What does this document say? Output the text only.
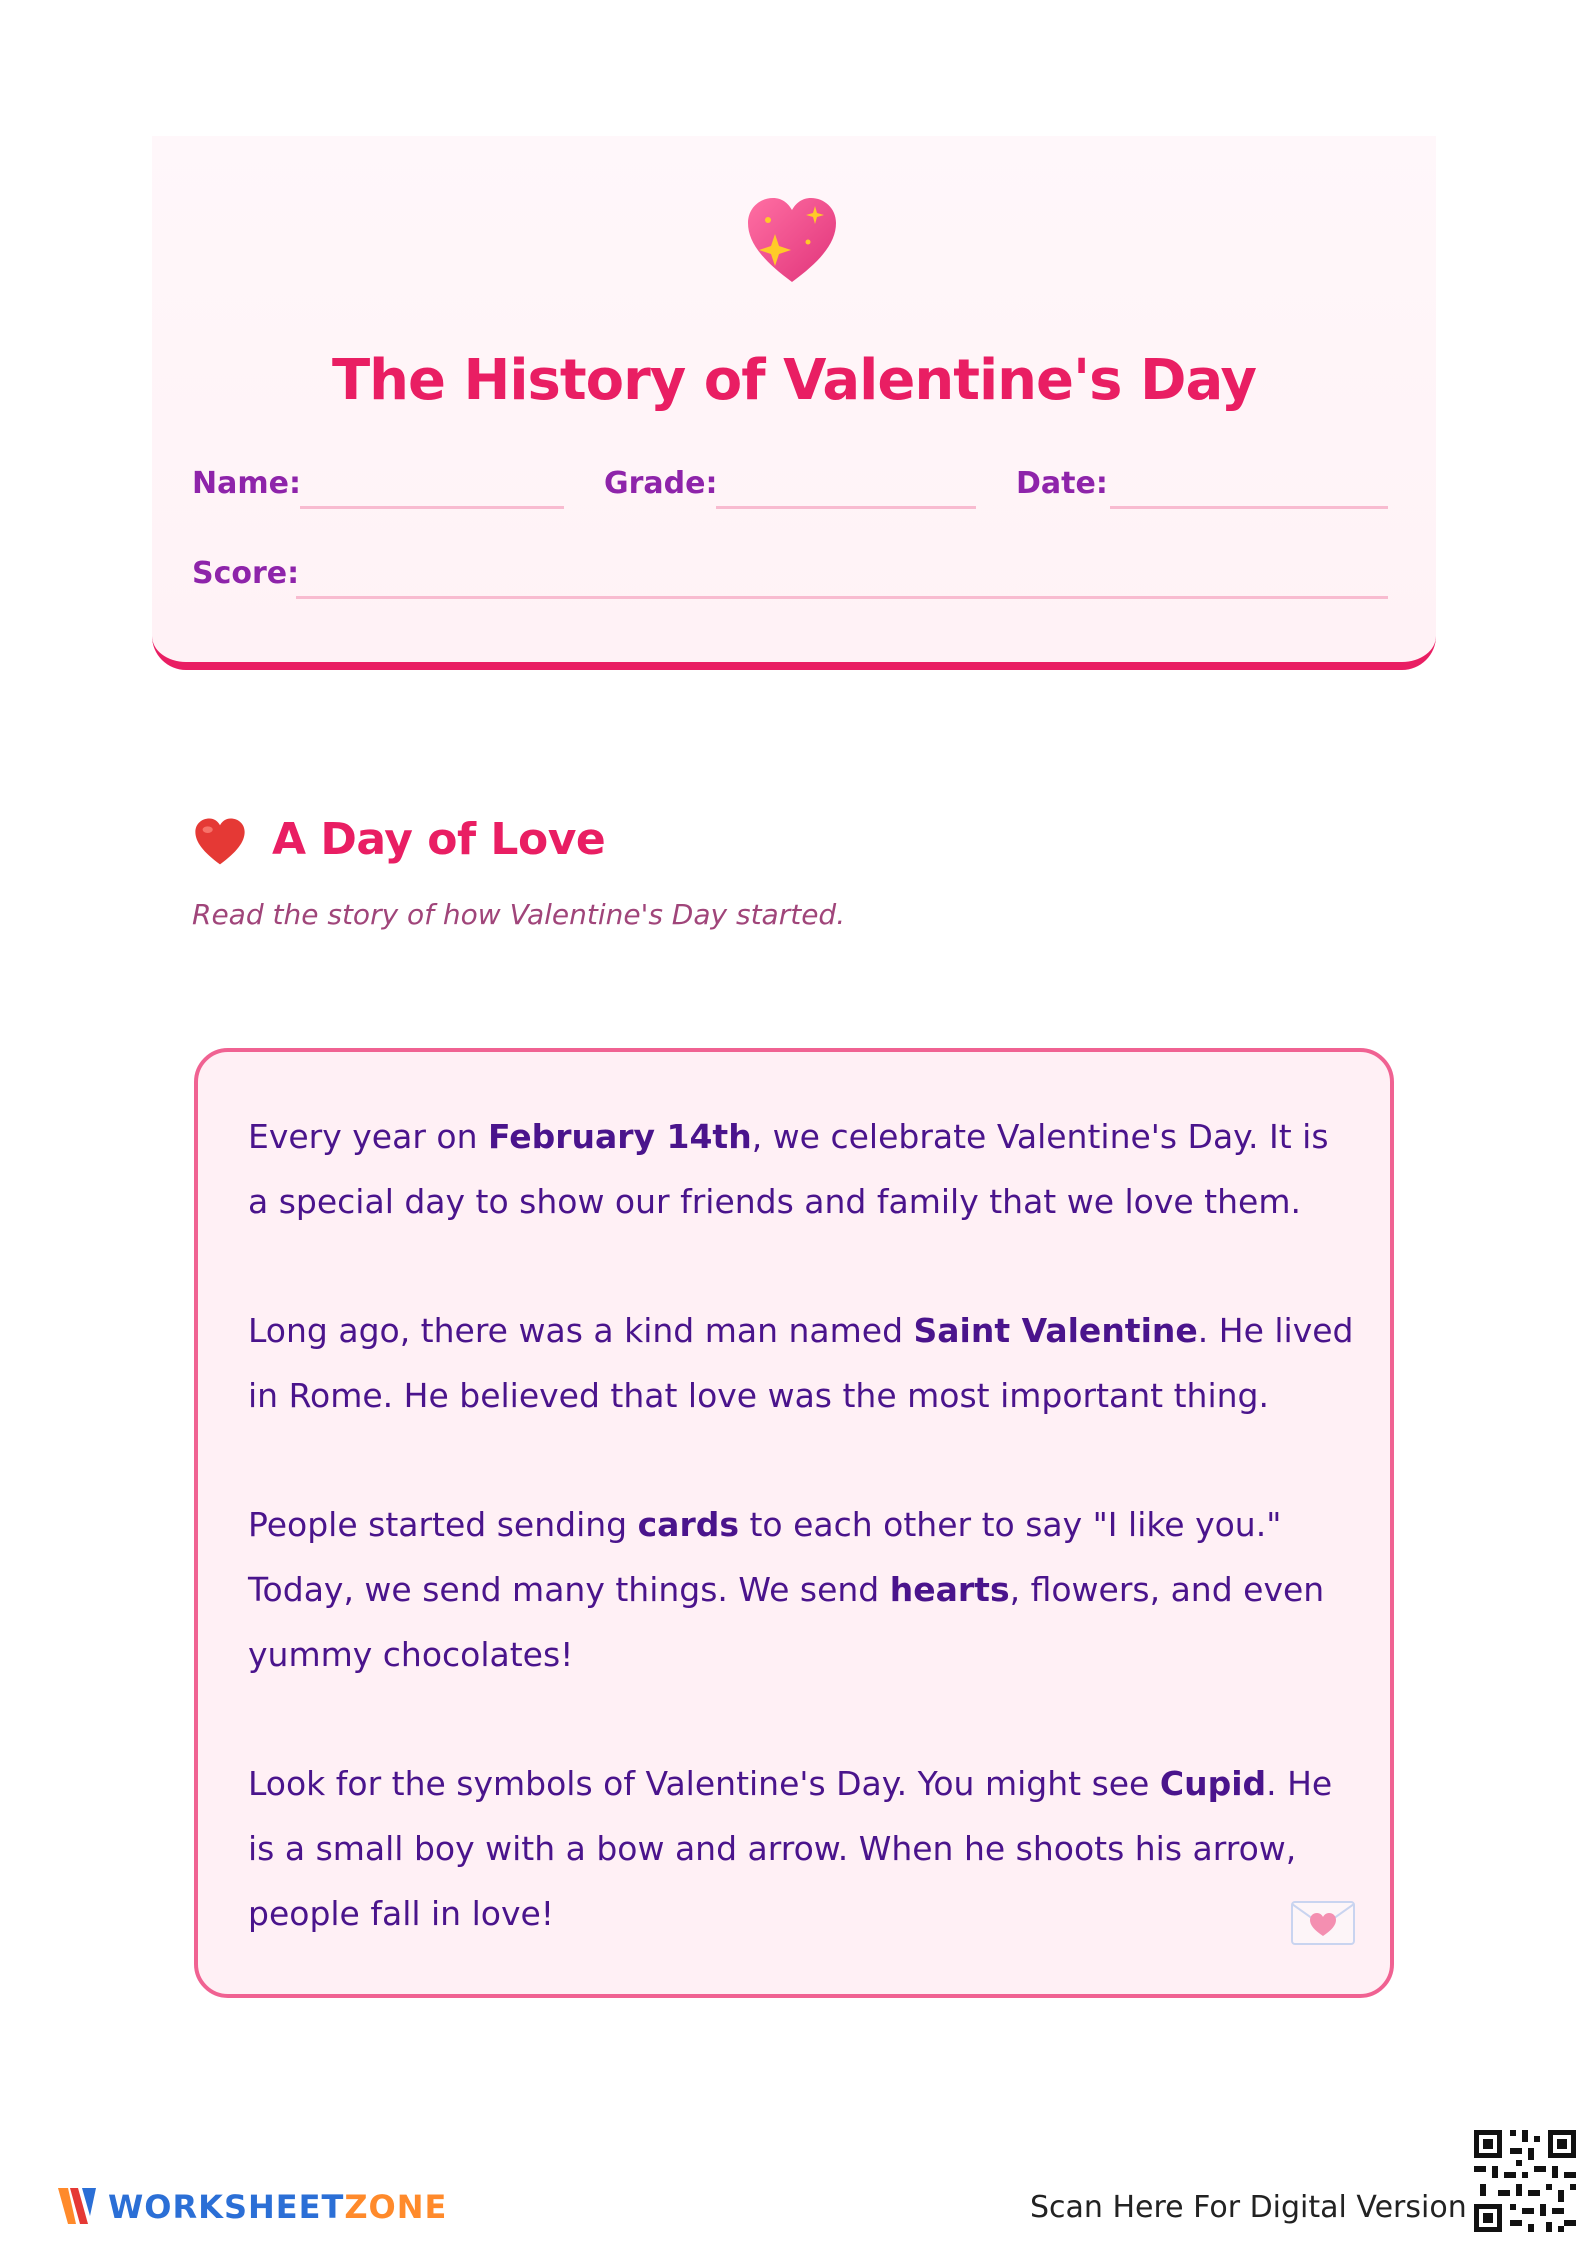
The History of Valentine's Day
Name:	Grade:	Date:
Score:
A Day of Love
Read the story of how Valentine's Day started.

Every year on February 14th, we celebrate Valentine's Day. It is a special day to show our friends and family that we love them.

Long ago, there was a kind man named Saint Valentine. He lived in Rome. He believed that love was the most important thing.

People started sending cards to each other to say "I like you." Today, we send many things. We send hearts, flowers, and even yummy chocolates!

Look for the symbols of Valentine's Day. You might see Cupid. He is a small boy with a bow and arrow. When he shoots his arrow, people fall in love!

WORKSHEETZONE	Scan Here For Digital Version
